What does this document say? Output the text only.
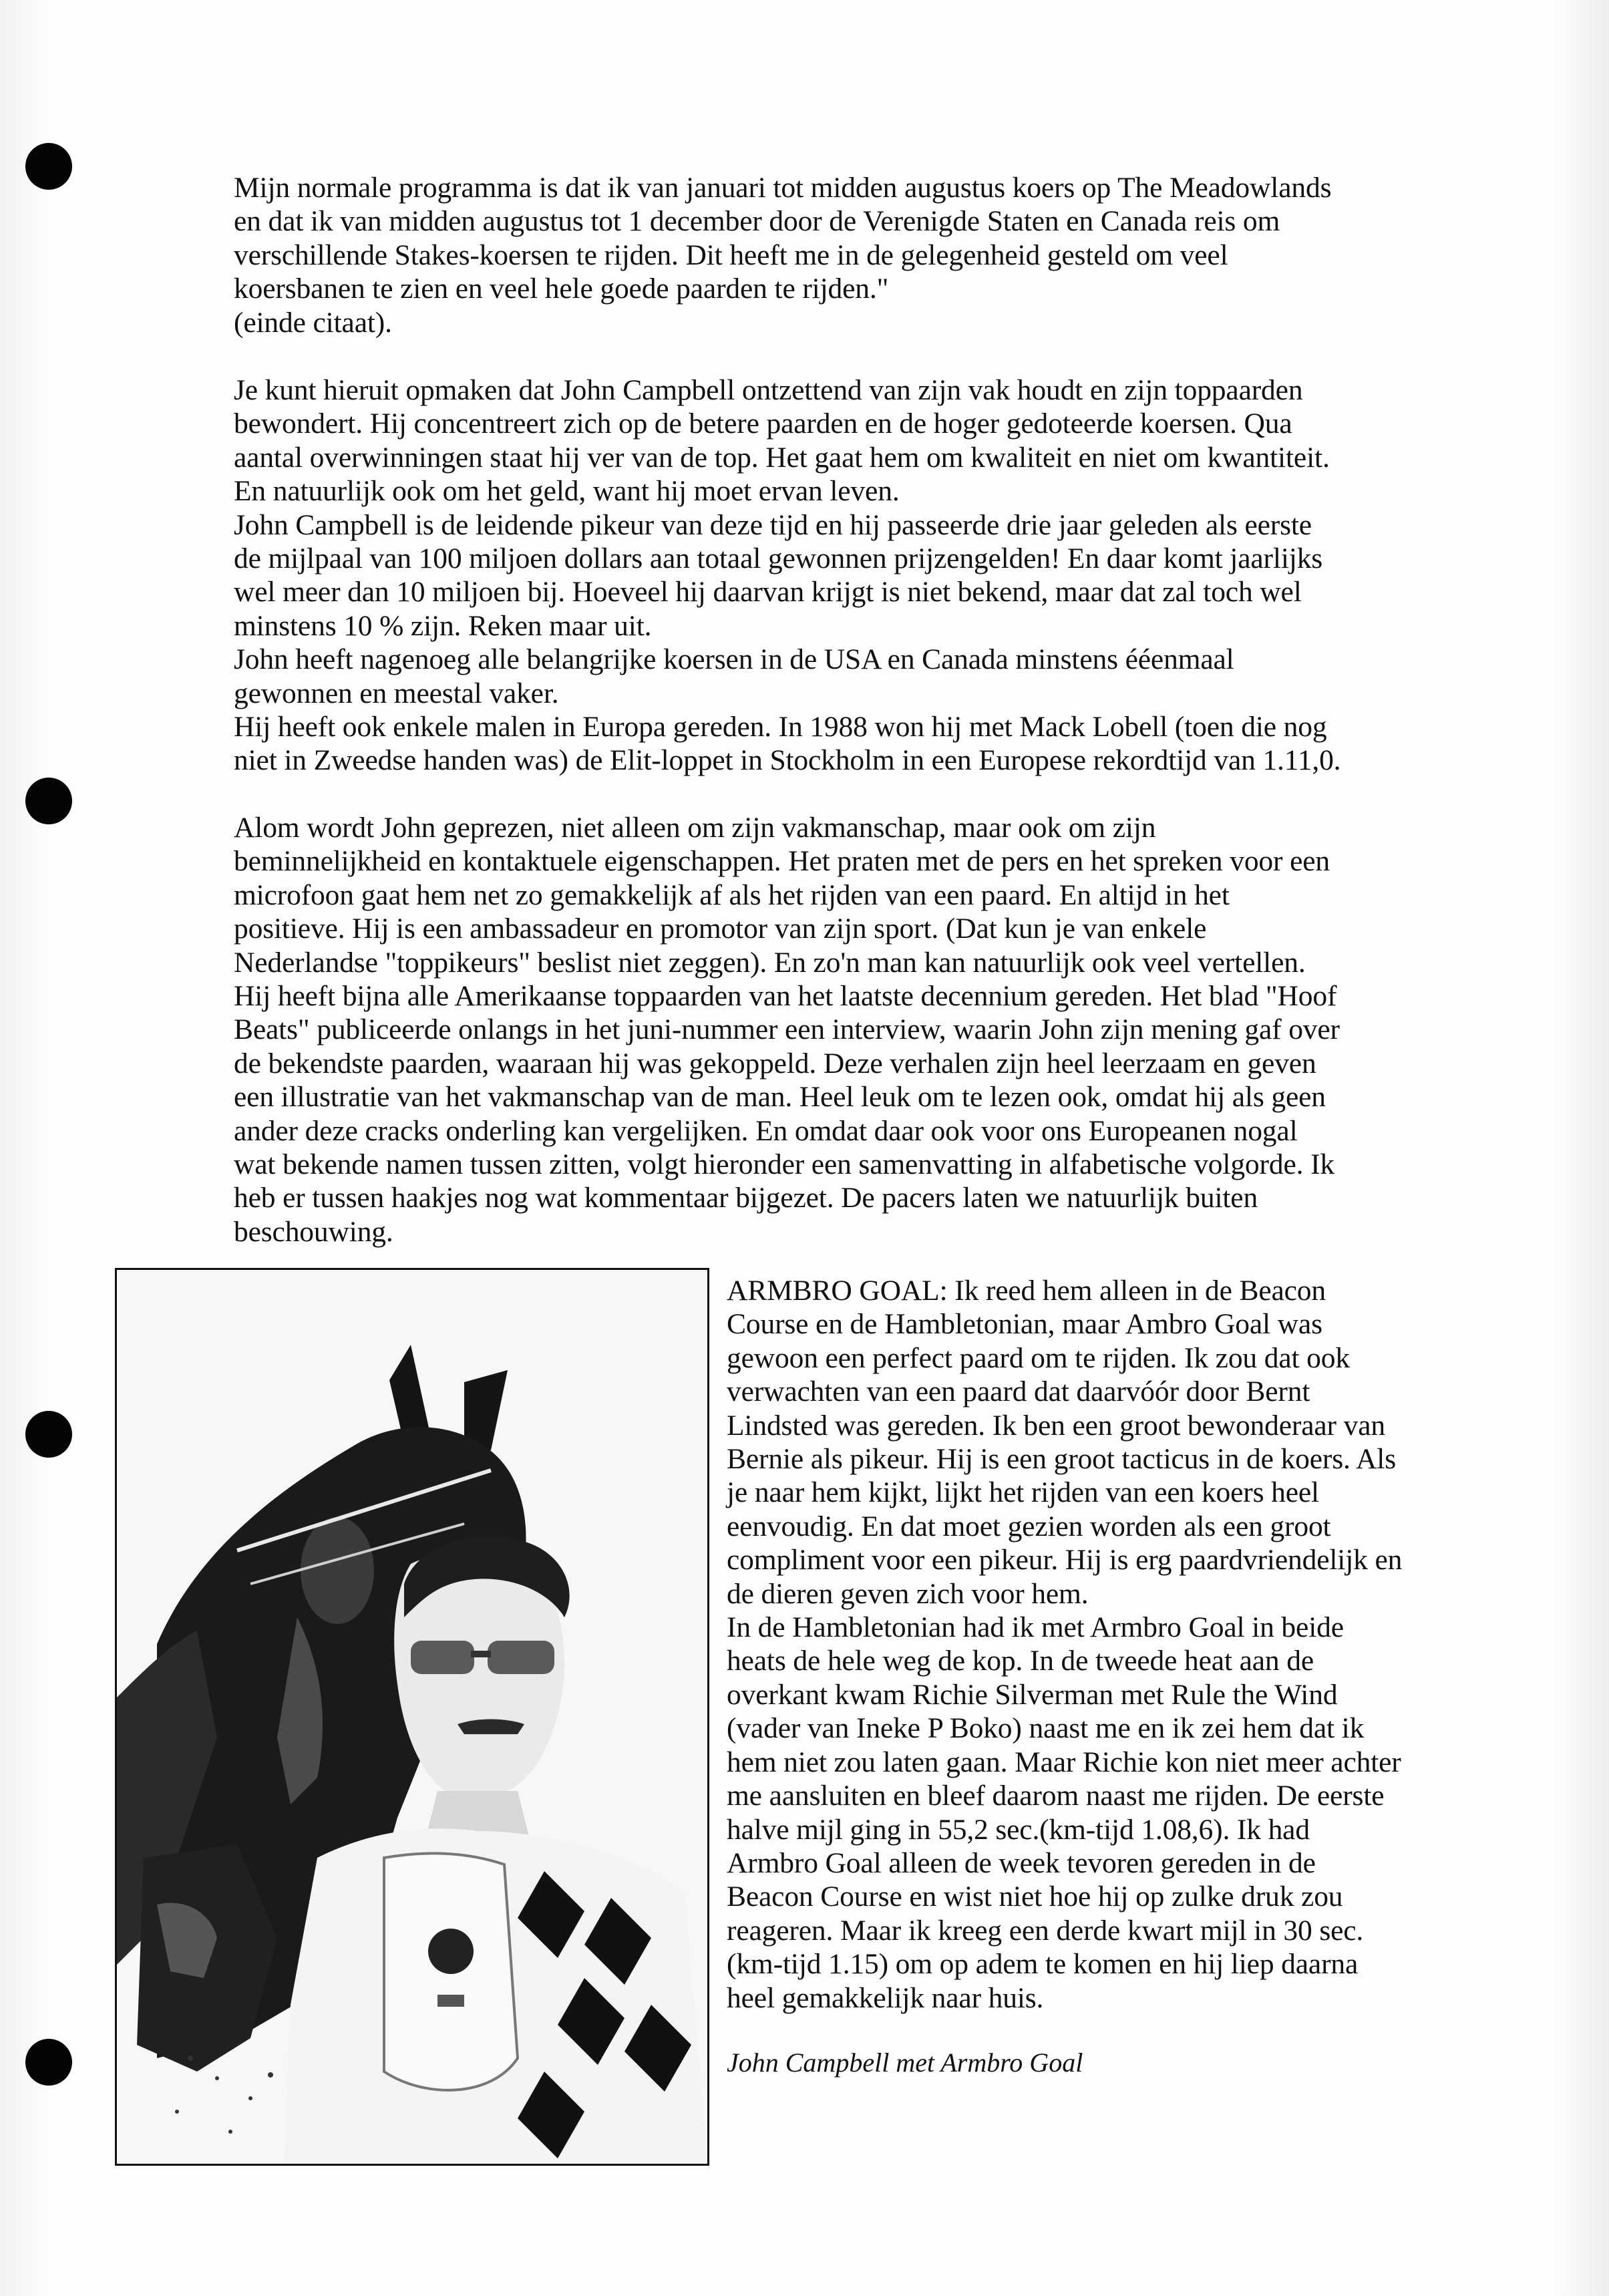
Mijn normale programma is dat ik van januari tot midden augustus koers op The Meadowlands

en dat ik van midden augustus tot 1 december door de Verenigde Staten en Canada reis om

verschillende Stakes-koersen te rijden. Dit heeft me in de gelegenheid gesteld om veel

koersbanen te zien en veel hele goede paarden te rijden."

(einde citaat).

Je kunt hieruit opmaken dat John Campbell ontzettend van zijn vak houdt en zijn toppaarden

bewondert. Hij concentreert zich op de betere paarden en de hoger gedoteerde koersen. Qua

aantal overwinningen staat hij ver van de top. Het gaat hem om kwaliteit en niet om kwantiteit.

En natuurlijk ook om het geld, want hij moet ervan leven.

John Campbell is de leidende pikeur van deze tijd en hij passeerde drie jaar geleden als eerste

de mijlpaal van 100 miljoen dollars aan totaal gewonnen prijzengelden! En daar komt jaarlijks

wel meer dan 10 miljoen bij. Hoeveel hij daarvan krijgt is niet bekend, maar dat zal toch wel

minstens 10 % zijn. Reken maar uit.

John heeft nagenoeg alle belangrijke koersen in de USA en Canada minstens ééenmaal

gewonnen en meestal vaker.

Hij heeft ook enkele malen in Europa gereden. In 1988 won hij met Mack Lobell (toen die nog

niet in Zweedse handen was) de Elit-loppet in Stockholm in een Europese rekordtijd van 1.11,0.

Alom wordt John geprezen, niet alleen om zijn vakmanschap, maar ook om zijn

beminnelijkheid en kontaktuele eigenschappen. Het praten met de pers en het spreken voor een

microfoon gaat hem net zo gemakkelijk af als het rijden van een paard. En altijd in het

positieve. Hij is een ambassadeur en promotor van zijn sport. (Dat kun je van enkele

Nederlandse "toppikeurs" beslist niet zeggen). En zo'n man kan natuurlijk ook veel vertellen.

Hij heeft bijna alle Amerikaanse toppaarden van het laatste decennium gereden. Het blad "Hoof

Beats" publiceerde onlangs in het juni-nummer een interview, waarin John zijn mening gaf over

de bekendste paarden, waaraan hij was gekoppeld. Deze verhalen zijn heel leerzaam en geven

een illustratie van het vakmanschap van de man. Heel leuk om te lezen ook, omdat hij als geen

ander deze cracks onderling kan vergelijken. En omdat daar ook voor ons Europeanen nogal

wat bekende namen tussen zitten, volgt hieronder een samenvatting in alfabetische volgorde. Ik

heb er tussen haakjes nog wat kommentaar bijgezet. De pacers laten we natuurlijk buiten

beschouwing.

ARMBRO GOAL: Ik reed hem alleen in de Beacon

Course en de Hambletonian, maar Ambro Goal was

gewoon een perfect paard om te rijden. Ik zou dat ook

verwachten van een paard dat daarvóór door Bernt

Lindsted was gereden. Ik ben een groot bewonderaar van

Bernie als pikeur. Hij is een groot tacticus in de koers. Als

je naar hem kijkt, lijkt het rijden van een koers heel

eenvoudig. En dat moet gezien worden als een groot

compliment voor een pikeur. Hij is erg paardvriendelijk en

de dieren geven zich voor hem.

In de Hambletonian had ik met Armbro Goal in beide

heats de hele weg de kop. In de tweede heat aan de

overkant kwam Richie Silverman met Rule the Wind

(vader van Ineke P Boko) naast me en ik zei hem dat ik

hem niet zou laten gaan. Maar Richie kon niet meer achter

me aansluiten en bleef daarom naast me rijden. De eerste

halve mijl ging in 55,2 sec.(km-tijd 1.08,6). Ik had

Armbro Goal alleen de week tevoren gereden in de

Beacon Course en wist niet hoe hij op zulke druk zou

reageren. Maar ik kreeg een derde kwart mijl in 30 sec.

(km-tijd 1.15) om op adem te komen en hij liep daarna

heel gemakkelijk naar huis.

John Campbell met Armbro Goal
